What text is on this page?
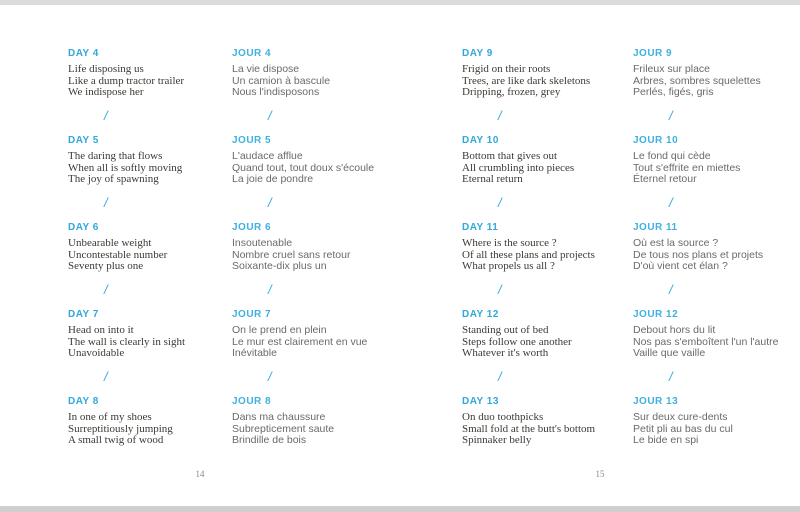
DAY 4
Life disposing us
Like a dump tractor trailer
We indispose her
/
DAY 5
The daring that flows
When all is softly moving
The joy of spawning
/
DAY 6
Unbearable weight
Uncontestable number
Seventy plus one
/
DAY 7
Head on into it
The wall is clearly in sight
Unavoidable
/
DAY 8
In one of my shoes
Surreptitiously jumping
A small twig of wood
JOUR 4
La vie dispose
Un camion à bascule
Nous l'indisposons
/
JOUR 5
L'audace afflue
Quand tout, tout doux s'écoule
La joie de pondre
/
JOUR 6
Insoutenable
Nombre cruel sans retour
Soixante-dix plus un
/
JOUR 7
On le prend en plein
Le mur est clairement en vue
Inévitable
/
JOUR 8
Dans ma chaussure
Subrepticement saute
Brindille de bois
14
DAY 9
Frigid on their roots
Trees, are like dark skeletons
Dripping, frozen, grey
/
DAY 10
Bottom that gives out
All crumbling into pieces
Eternal return
/
DAY 11
Where is the source ?
Of all these plans and projects
What propels us all ?
/
DAY 12
Standing out of bed
Steps follow one another
Whatever it's worth
/
DAY 13
On duo toothpicks
Small fold at the butt's bottom
Spinnaker belly
JOUR 9
Frileux sur place
Arbres, sombres squelettes
Perlés, figés, gris
/
JOUR 10
Le fond qui cède
Tout s'effrite en miettes
Éternel retour
/
JOUR 11
Où est la source ?
De tous nos plans et projets
D'où vient cet élan ?
/
JOUR 12
Debout hors du lit
Nos pas s'emboîtent l'un l'autre
Vaille que vaille
/
JOUR 13
Sur deux cure-dents
Petit pli au bas du cul
Le bide en spi
15
